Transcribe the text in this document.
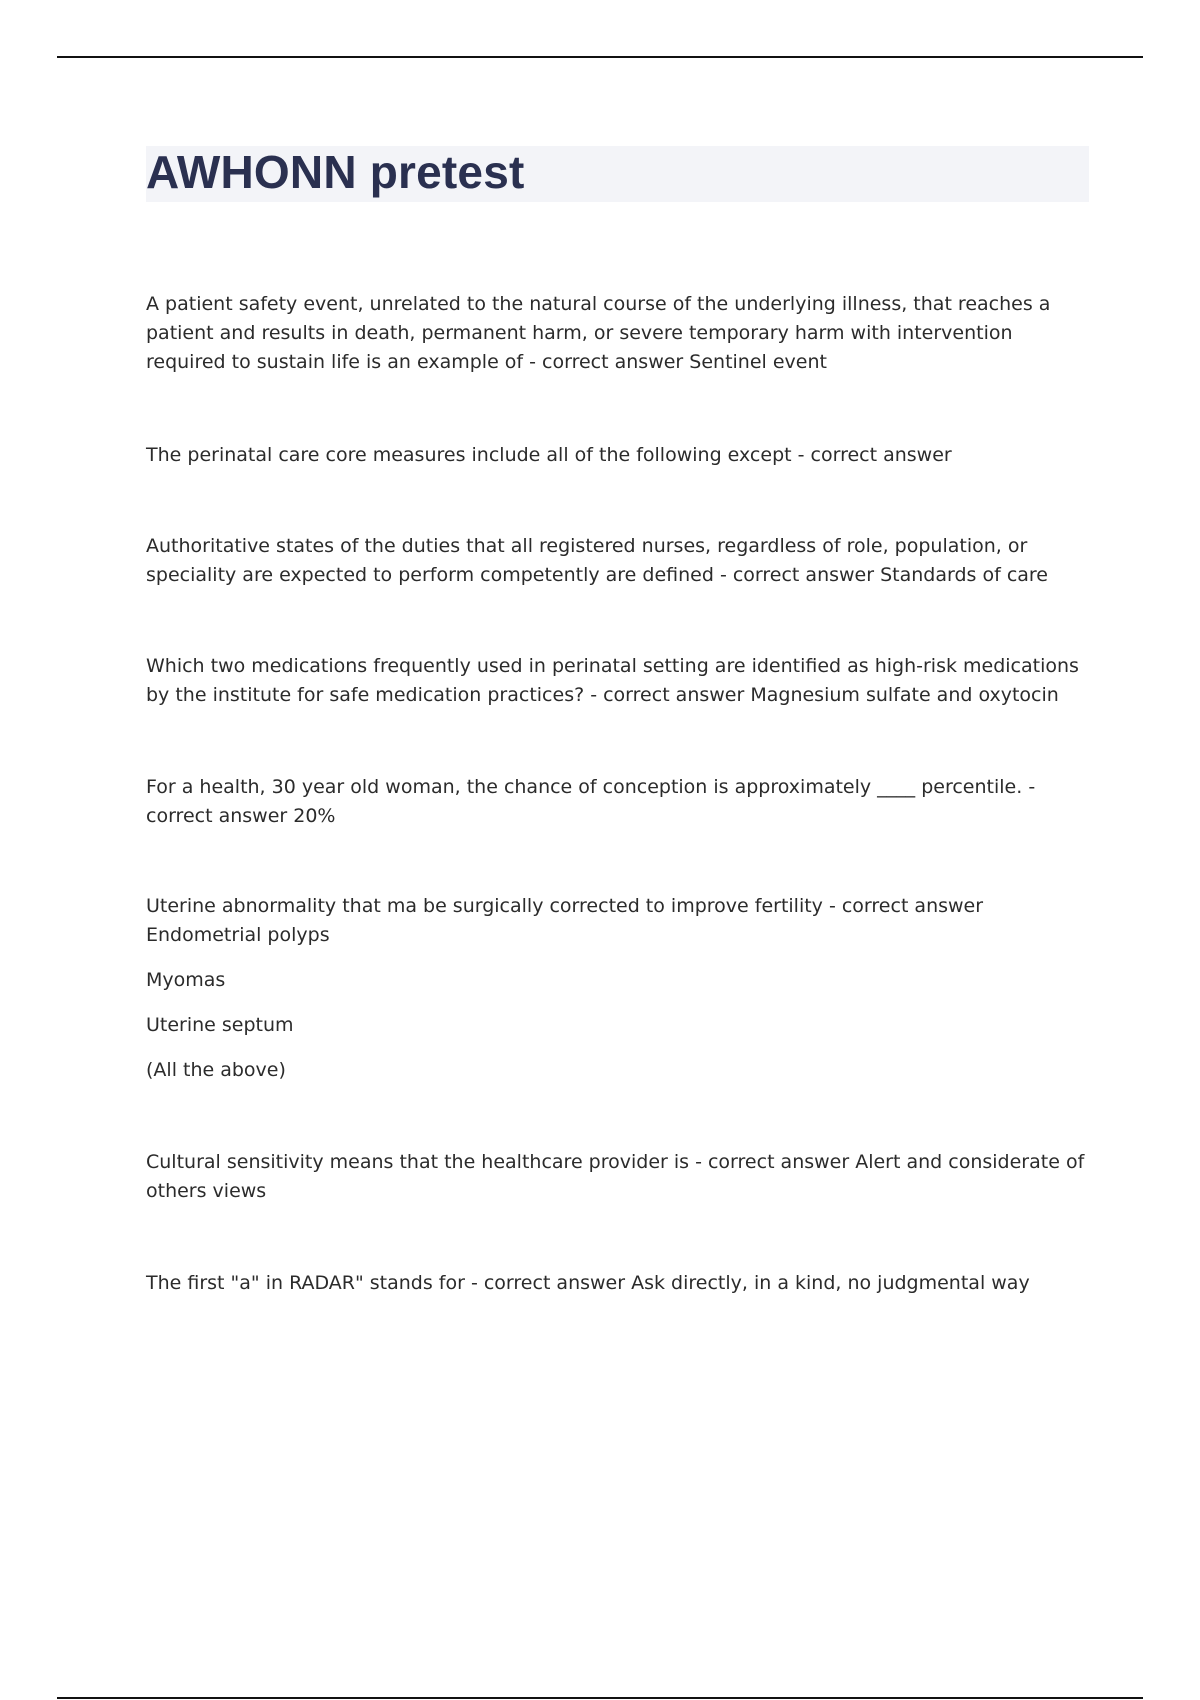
AWHONN pretest

A patient safety event, unrelated to the natural course of the underlying illness, that reaches a patient and results in death, permanent harm, or severe temporary harm with intervention required to sustain life is an example of - correct answer Sentinel event

The perinatal care core measures include all of the following except - correct answer

Authoritative states of the duties that all registered nurses, regardless of role, population, or speciality are expected to perform competently are defined - correct answer Standards of care

Which two medications frequently used in perinatal setting are identified as high-risk medications by the institute for safe medication practices? - correct answer Magnesium sulfate and oxytocin

For a health, 30 year old woman, the chance of conception is approximately ____ percentile. - correct answer 20%

Uterine abnormality that ma be surgically corrected to improve fertility - correct answer Endometrial polyps

Myomas

Uterine septum

(All the above)

Cultural sensitivity means that the healthcare provider is - correct answer Alert and considerate of others views

The first "a" in RADAR" stands for - correct answer Ask directly, in a kind, no judgmental way
